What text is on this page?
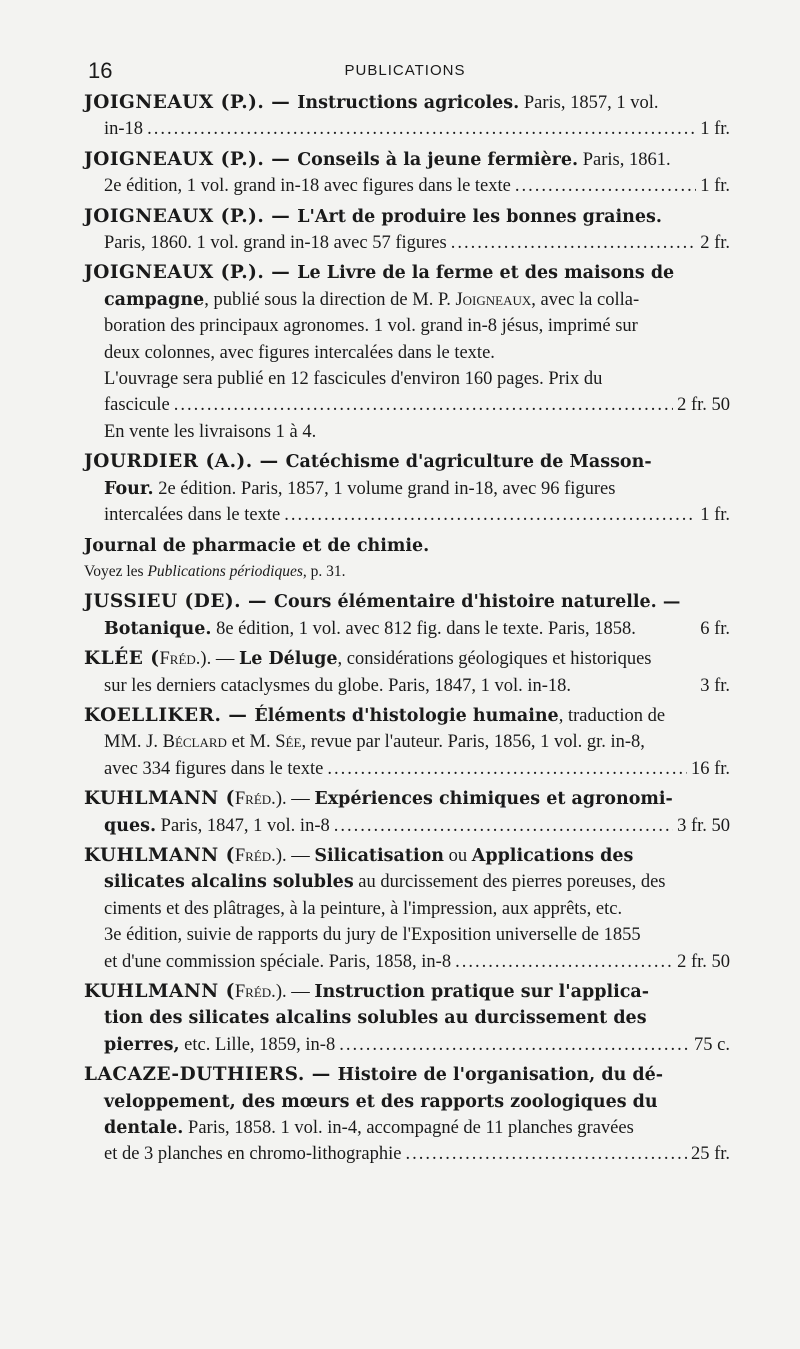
16	PUBLICATIONS
JOIGNEAUX (P.). — Instructions agricoles. Paris, 1857, 1 vol.
in-18 .....	1 fr.
JOIGNEAUX (P.). — Conseils à la jeune fermière. Paris, 1861.
2e édition, 1 vol. grand in-18 avec figures dans le texte .....	1 fr.
JOIGNEAUX (P.). — L'Art de produire les bonnes graines.
Paris, 1860. 1 vol. grand in-18 avec 57 figures .....	2 fr.
JOIGNEAUX (P.). — Le Livre de la ferme et des maisons de
campagne, publié sous la direction de M. P. Joigneaux, avec la colla-
boration des principaux agronomes. 1 vol. grand in-8 jésus, imprimé sur
deux colonnes, avec figures intercalées dans le texte.
L'ouvrage sera publié en 12 fascicules d'environ 160 pages. Prix du
fascicule .....	2 fr. 50
En vente les livraisons 1 à 4.
JOURDIER (A.). — Catéchisme d'agriculture de Masson-
Four. 2e édition. Paris, 1857, 1 volume grand in-18, avec 96 figures
intercalées dans le texte .....	1 fr.
Journal de pharmacie et de chimie.
Voyez les Publications périodiques, p. 31.
JUSSIEU (DE). — Cours élémentaire d'histoire naturelle. —
Botanique. 8e édition, 1 vol. avec 812 fig. dans le texte. Paris, 1858.	6 fr.
KLÉE (Fréd.). — Le Déluge, considérations géologiques et historiques
sur les derniers cataclysmes du globe. Paris, 1847, 1 vol. in-18.	3 fr.
KOELLIKER. — Éléments d'histologie humaine, traduction de
MM. J. Béclard et M. Sée, revue par l'auteur. Paris, 1856, 1 vol. gr. in-8,
avec 334 figures dans le texte .....	16 fr.
KUHLMANN (Fréd.). — Expériences chimiques et agronomi-
ques. Paris, 1847, 1 vol. in-8 .....	3 fr. 50
KUHLMANN (Fréd.). — Silicatisation ou Applications des
silicates alcalins solubles au durcissement des pierres poreuses, des
ciments et des plâtrages, à la peinture, à l'impression, aux apprêts, etc.
3e édition, suivie de rapports du jury de l'Exposition universelle de 1855
et d'une commission spéciale. Paris, 1858, in-8 .....	2 fr. 50
KUHLMANN (Fréd.). — Instruction pratique sur l'applica-
tion des silicates alcalins solubles au durcissement des
pierres, etc. Lille, 1859, in-8 .....	75 c.
LACAZE-DUTHIERS. — Histoire de l'organisation, du dé-
veloppement, des mœurs et des rapports zoologiques du
dentale. Paris, 1858. 1 vol. in-4, accompagné de 11 planches gravées
et de 3 planches en chromo-lithographie .....	25 fr.
